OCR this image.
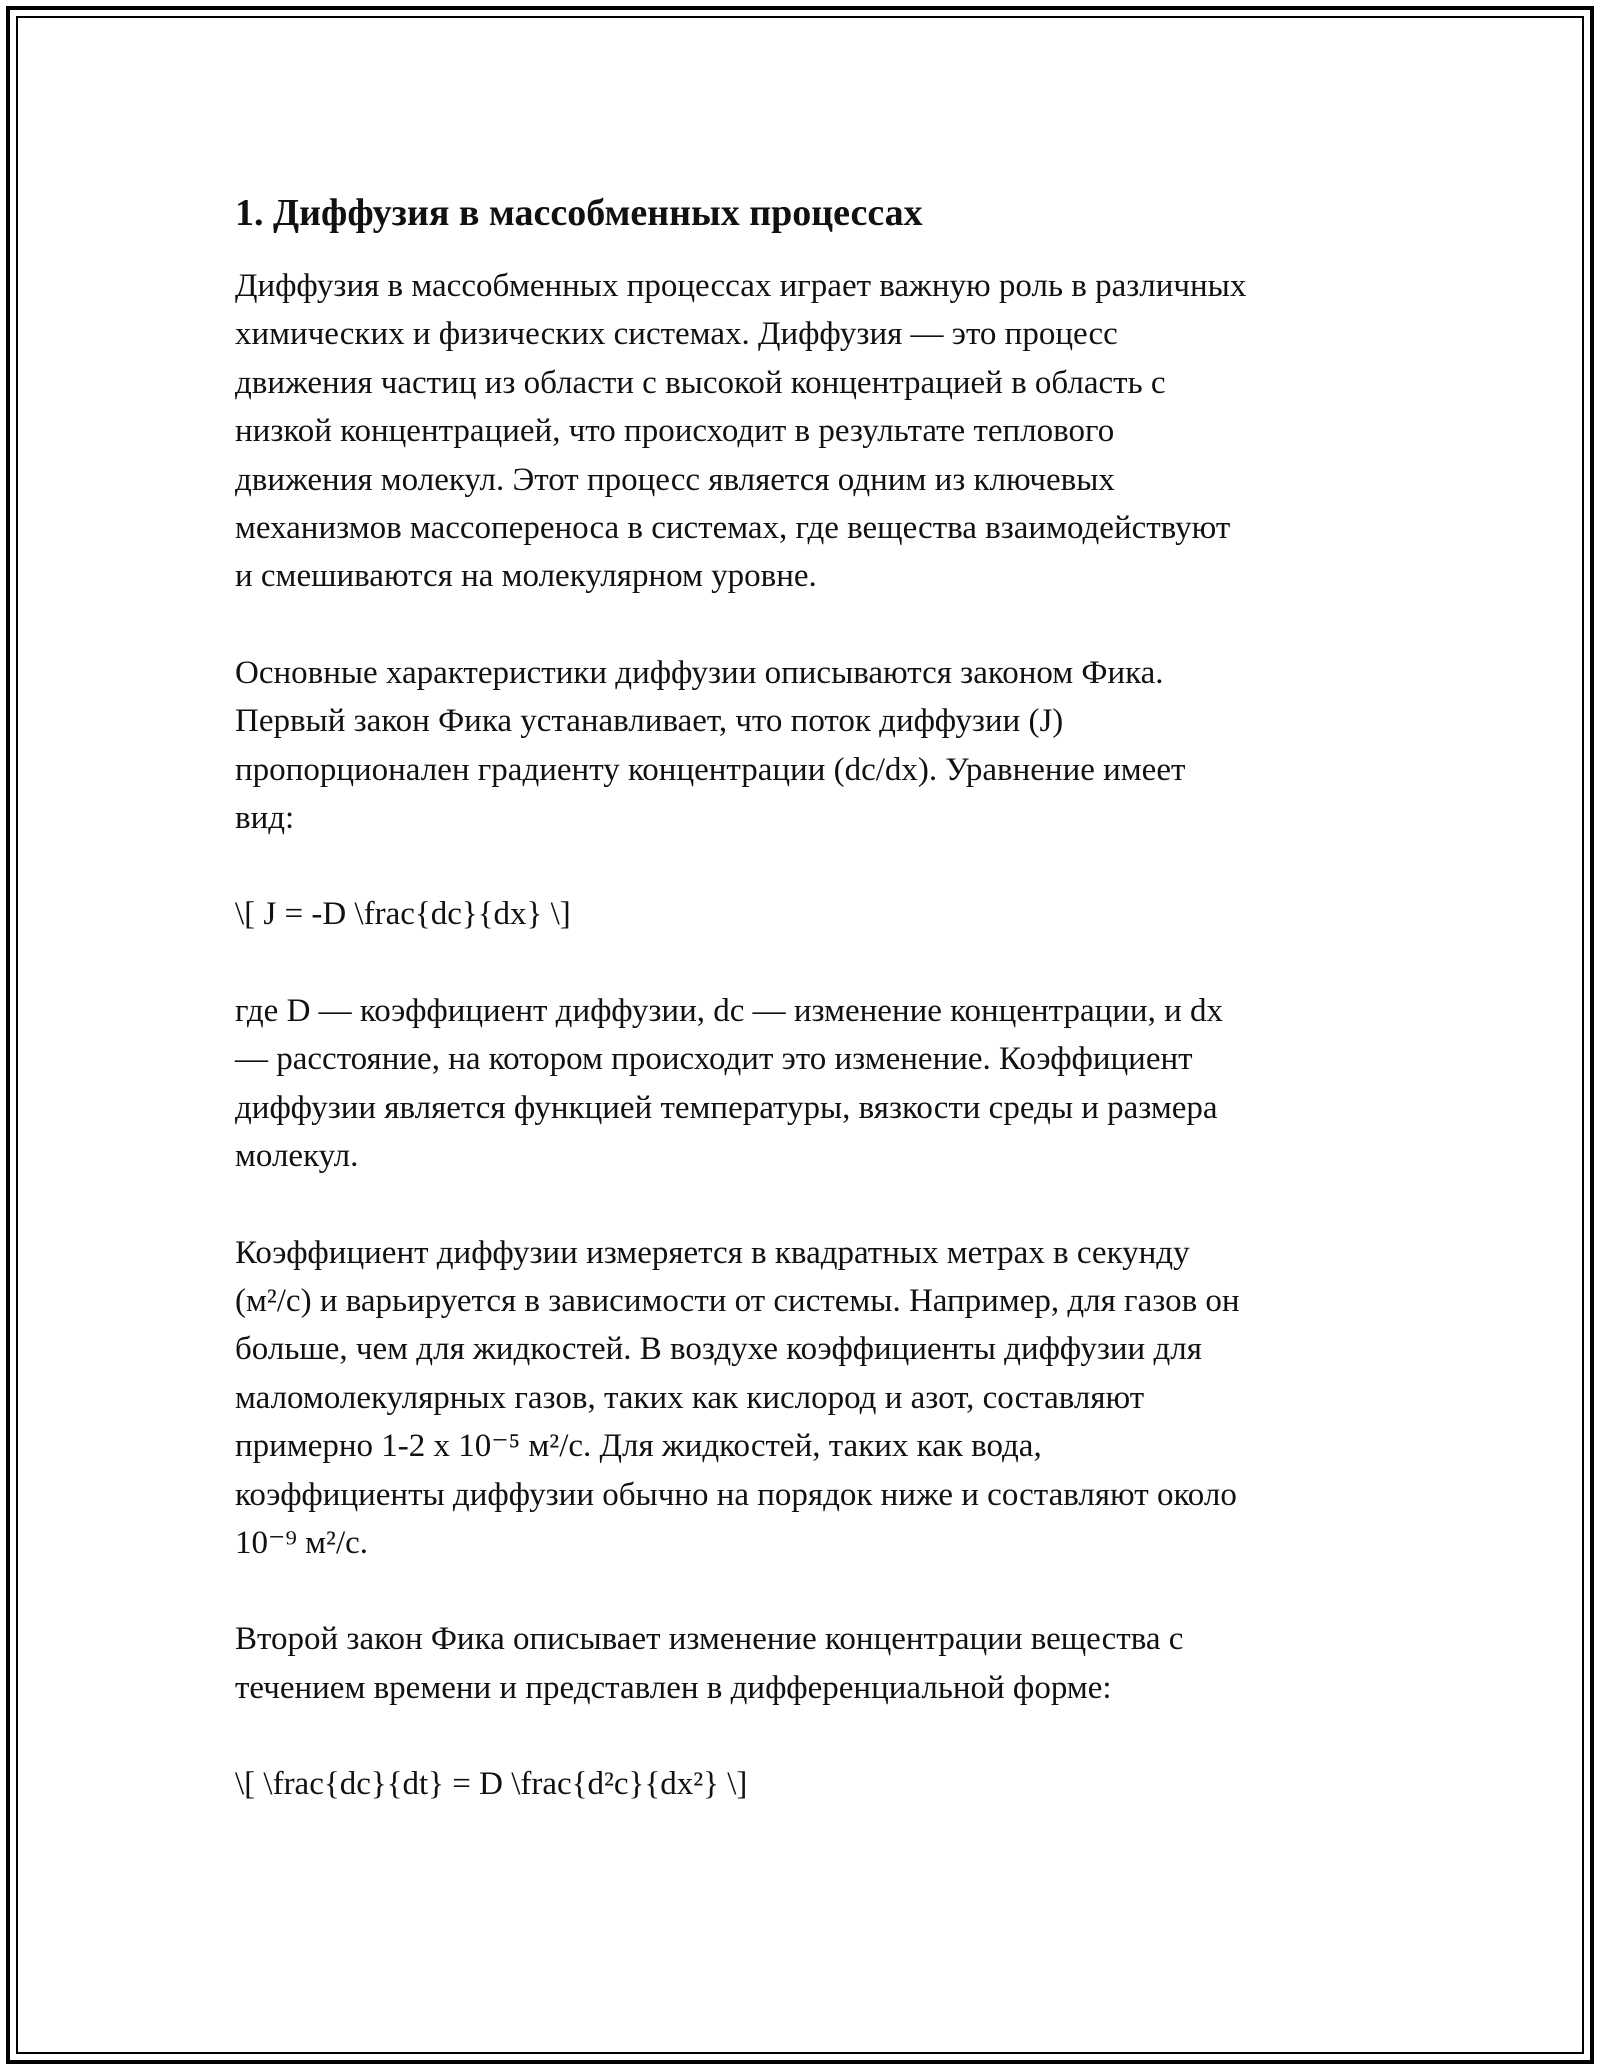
1. Диффузия в массобменных процессах

Диффузия в массобменных процессах играет важную роль в различных
химических и физических системах. Диффузия — это процесс
движения частиц из области с высокой концентрацией в область с
низкой концентрацией, что происходит в результате теплового
движения молекул. Этот процесс является одним из ключевых
механизмов массопереноса в системах, где вещества взаимодействуют
и смешиваются на молекулярном уровне.

Основные характеристики диффузии описываются законом Фика.
Первый закон Фика устанавливает, что поток диффузии (J)
пропорционален градиенту концентрации (dc/dx). Уравнение имеет
вид:

\[ J = -D \frac{dc}{dx} \]

где D — коэффициент диффузии, dc — изменение концентрации, и dx
— расстояние, на котором происходит это изменение. Коэффициент
диффузии является функцией температуры, вязкости среды и размера
молекул.

Коэффициент диффузии измеряется в квадратных метрах в секунду
(м²/с) и варьируется в зависимости от системы. Например, для газов он
больше, чем для жидкостей. В воздухе коэффициенты диффузии для
маломолекулярных газов, таких как кислород и азот, составляют
примерно 1-2 x 10⁻⁵ м²/с. Для жидкостей, таких как вода,
коэффициенты диффузии обычно на порядок ниже и составляют около
10⁻⁹ м²/с.

Второй закон Фика описывает изменение концентрации вещества с
течением времени и представлен в дифференциальной форме:

\[ \frac{dc}{dt} = D \frac{d²c}{dx²} \]
